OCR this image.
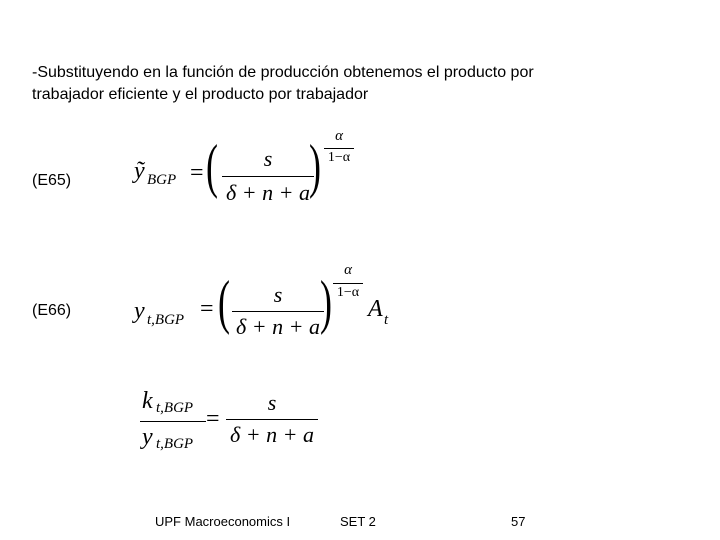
-Substituyendo en la función de producción obtenemos el producto por
trabajador eficiente y el producto por trabajador
(E65)	ỹ BGP = (	s
δ + n + a ) α
1−α
(E66)	y t,BGP = (	s
δ + n + a ) α
1−α
A t
k t,BGP
y t,BGP
=
s
δ + n + a
UPF Macroeconomics I	SET 2	57
